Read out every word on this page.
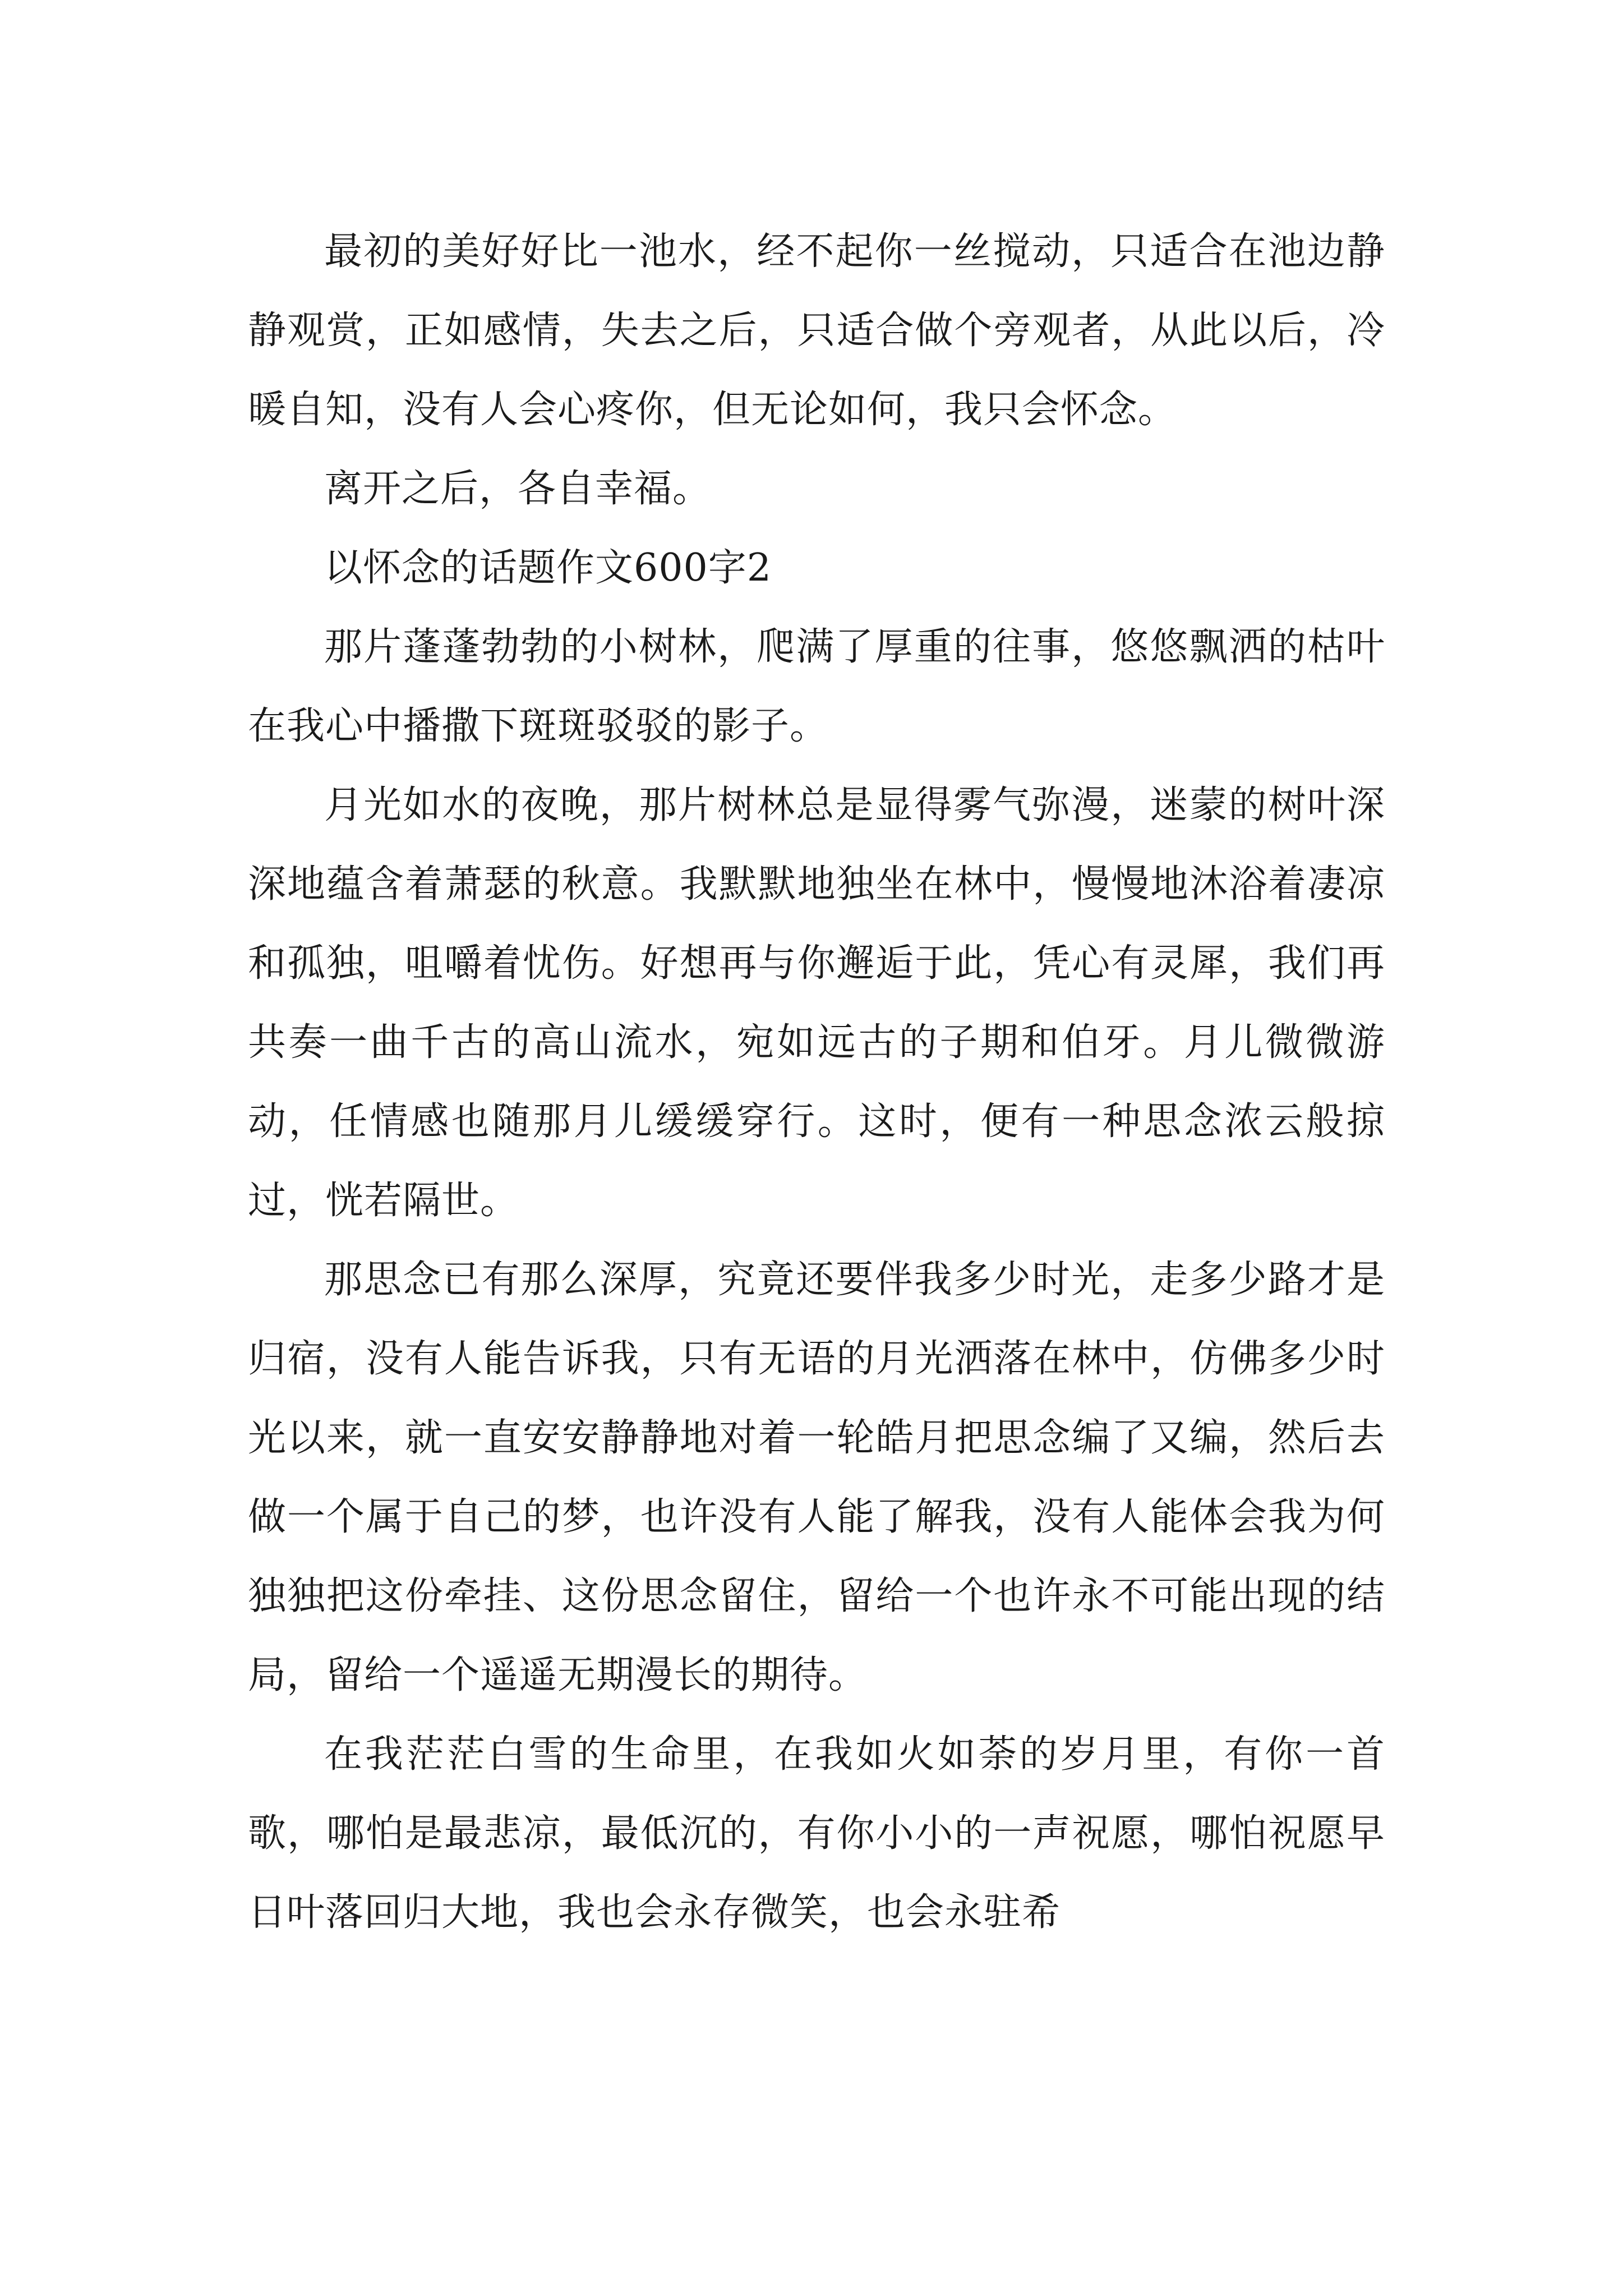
最初的美好好比一池水，经不起你一丝搅动，只适合在池边静静观赏，正如感情，失去之后，只适合做个旁观者，从此以后，冷暖自知，没有人会心疼你，但无论如何，我只会怀念。

离开之后，各自幸福。

以怀念的话题作文600字2

那片蓬蓬勃勃的小树林，爬满了厚重的往事，悠悠飘洒的枯叶在我心中播撒下斑斑驳驳的影子。

月光如水的夜晚，那片树林总是显得雾气弥漫，迷蒙的树叶深深地蕴含着萧瑟的秋意。我默默地独坐在林中，慢慢地沐浴着凄凉和孤独，咀嚼着忧伤。好想再与你邂逅于此，凭心有灵犀，我们再共奏一曲千古的高山流水，宛如远古的子期和伯牙。月儿微微游动，任情感也随那月儿缓缓穿行。这时，便有一种思念浓云般掠过，恍若隔世。

那思念已有那么深厚，究竟还要伴我多少时光，走多少路才是归宿，没有人能告诉我，只有无语的月光洒落在林中，仿佛多少时光以来，就一直安安静静地对着一轮皓月把思念编了又编，然后去做一个属于自己的梦，也许没有人能了解我，没有人能体会我为何独独把这份牵挂、这份思念留住，留给一个也许永不可能出现的结局，留给一个遥遥无期漫长的期待。

在我茫茫白雪的生命里，在我如火如荼的岁月里，有你一首歌，哪怕是最悲凉，最低沉的，有你小小的一声祝愿，哪怕祝愿早日叶落回归大地，我也会永存微笑，也会永驻希
